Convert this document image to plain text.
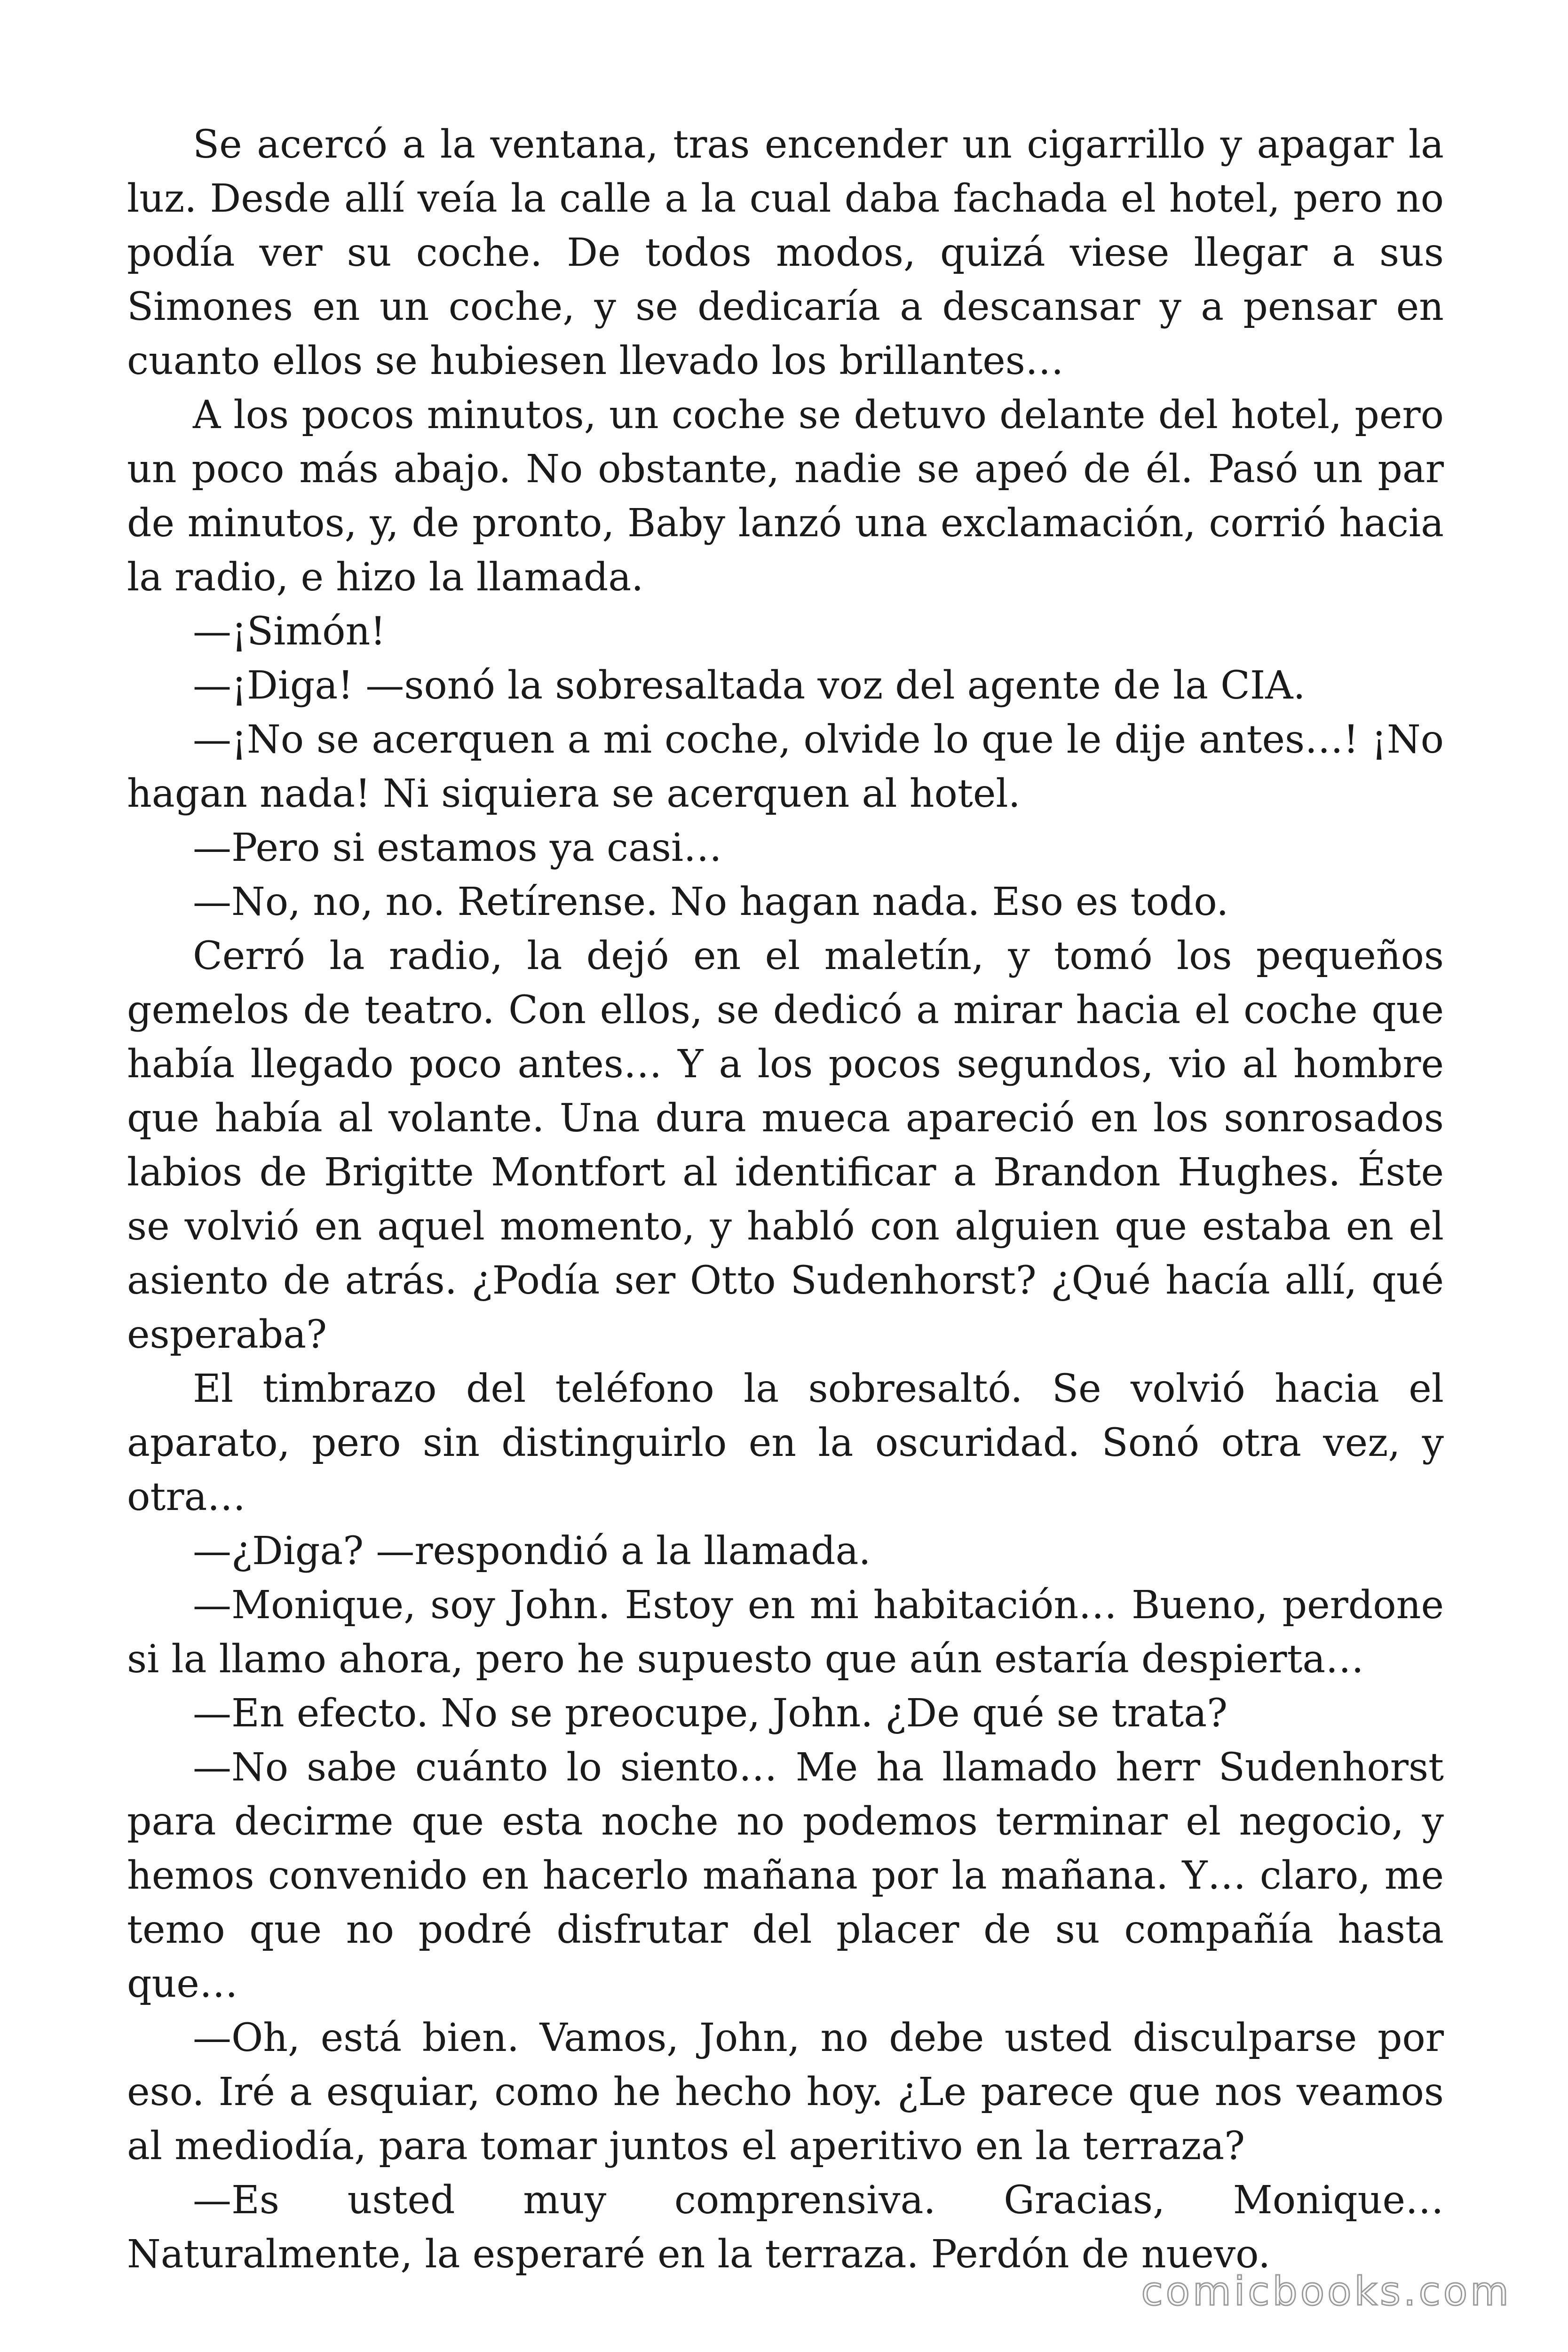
Se acercó a la ventana, tras encender un cigarrillo y apagar la luz. Desde allí veía la calle a la cual daba fachada el hotel, pero no podía ver su coche. De todos modos, quizá viese llegar a sus Simones en un coche, y se dedicaría a descansar y a pensar en cuanto ellos se hubiesen llevado los brillantes…

A los pocos minutos, un coche se detuvo delante del hotel, pero un poco más abajo. No obstante, nadie se apeó de él. Pasó un par de minutos, y, de pronto, Baby lanzó una exclamación, corrió hacia la radio, e hizo la llamada.

—¡Simón!

—¡Diga! —sonó la sobresaltada voz del agente de la CIA.

—¡No se acerquen a mi coche, olvide lo que le dije antes…! ¡No hagan nada! Ni siquiera se acerquen al hotel.

—Pero si estamos ya casi…

—No, no, no. Retírense. No hagan nada. Eso es todo.

Cerró la radio, la dejó en el maletín, y tomó los pequeños gemelos de teatro. Con ellos, se dedicó a mirar hacia el coche que había llegado poco antes… Y a los pocos segundos, vio al hombre que había al volante. Una dura mueca apareció en los sonrosados labios de Brigitte Montfort al identificar a Brandon Hughes. Éste se volvió en aquel momento, y habló con alguien que estaba en el asiento de atrás. ¿Podía ser Otto Sudenhorst? ¿Qué hacía allí, qué esperaba?

El timbrazo del teléfono la sobresaltó. Se volvió hacia el aparato, pero sin distinguirlo en la oscuridad. Sonó otra vez, y otra…

—¿Diga? —respondió a la llamada.

—Monique, soy John. Estoy en mi habitación… Bueno, perdone si la llamo ahora, pero he supuesto que aún estaría despierta…

—En efecto. No se preocupe, John. ¿De qué se trata?

—No sabe cuánto lo siento… Me ha llamado herr Sudenhorst para decirme que esta noche no podemos terminar el negocio, y hemos convenido en hacerlo mañana por la mañana. Y… claro, me temo que no podré disfrutar del placer de su compañía hasta que…

—Oh, está bien. Vamos, John, no debe usted disculparse por eso. Iré a esquiar, como he hecho hoy. ¿Le parece que nos veamos al mediodía, para tomar juntos el aperitivo en la terraza?

—Es usted muy comprensiva. Gracias, Monique… Naturalmente, la esperaré en la terraza. Perdón de nuevo.

comicbooks.com
